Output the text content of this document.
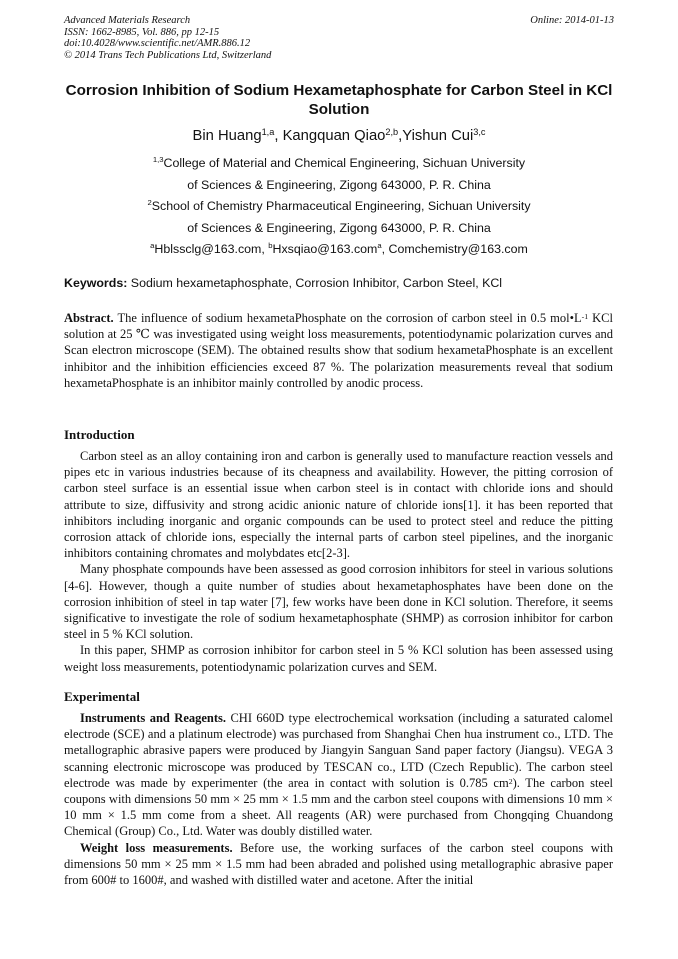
Advanced Materials Research
ISSN: 1662-8985, Vol. 886, pp 12-15
doi:10.4028/www.scientific.net/AMR.886.12
© 2014 Trans Tech Publications Ltd, Switzerland
Online: 2014-01-13
Corrosion Inhibition of Sodium Hexametaphosphate for Carbon Steel in KCl Solution
Bin Huang$^{1,a}$, Kangquan Qiao$^{2,b}$,Yishun Cui$^{3,c}$
$^{1,3}$College of Material and Chemical Engineering, Sichuan University
of Sciences & Engineering, Zigong 643000, P. R. China
$^2$School of Chemistry Pharmaceutical Engineering, Sichuan University
of Sciences & Engineering, Zigong 643000, P. R. China
$^a$Hblssclg@163.com, $^b$Hxsqiao@163.com$^a$, Comchemistry@163.com
Keywords: Sodium hexametaphosphate, Corrosion Inhibitor, Carbon Steel, KCl

Abstract. The influence of sodium hexametaPhosphate on the corrosion of carbon steel in 0.5 $mol•L^{-1}$ KCl solution at 25 ℃ was investigated using weight loss measurements, potentiodynamic polarization curves and Scan electron microscope (SEM). The obtained results show that sodium hexametaPhosphate is an excellent inhibitor and the inhibition efficiencies exceed 87 %. The polarization measurements reveal that sodium hexametaPhosphate is an inhibitor mainly controlled by anodic process.

Introduction

Carbon steel as an alloy containing iron and carbon is generally used to manufacture reaction vessels and pipes etc in various industries because of its cheapness and availability. However, the pitting corrosion of carbon steel surface is an essential issue when carbon steel is in contact with chloride ions and should attribute to size, diffusivity and strong acidic anionic nature of chloride ions[1]. it has been reported that inhibitors including inorganic and organic compounds can be used to protect steel and reduce the pitting corrosion attack of chloride ions, especially the internal parts of carbon steel pipelines, and the inorganic inhibitors containing chromates and molybdates etc[2-3].

Many phosphate compounds have been assessed as good corrosion inhibitors for steel in various solutions [4-6]. However, though a quite number of studies about hexametaphosphates have been done on the corrosion inhibition of steel in tap water [7], few works have been done in KCl solution. Therefore, it seems significative to investigate the role of sodium hexametaphosphate (SHMP) as corrosion inhibitor for carbon steel in 5 % KCl solution.

In this paper, SHMP as corrosion inhibitor for carbon steel in 5 % KCl solution has been assessed using weight loss measurements, potentiodynamic polarization curves and SEM.

Experimental

Instruments and Reagents. CHI 660D type electrochemical worksation (including a saturated calomel electrode (SCE) and a platinum electrode) was purchased from Shanghai Chen hua instrument co., LTD. The metallographic abrasive papers were produced by Jiangyin Sanguan Sand paper factory (Jiangsu). VEGA 3 scanning electronic microscope was produced by TESCAN co., LTD (Czech Republic). The carbon steel electrode was made by experimenter (the area in contact with solution is 0.785 $cm^2$). The carbon steel coupons with dimensions 50 mm × 25 mm × 1.5 mm and the carbon steel coupons with dimensions 10 mm × 10 mm × 1.5 mm come from a sheet. All reagents (AR) were purchased from Chongqing Chuandong Chemical (Group) Co., Ltd. Water was doubly distilled water.

Weight loss measurements. Before use, the working surfaces of the carbon steel coupons with dimensions 50 mm × 25 mm × 1.5 mm had been abraded and polished using metallographic abrasive paper from 600# to 1600#, and washed with distilled water and acetone. After the initial
